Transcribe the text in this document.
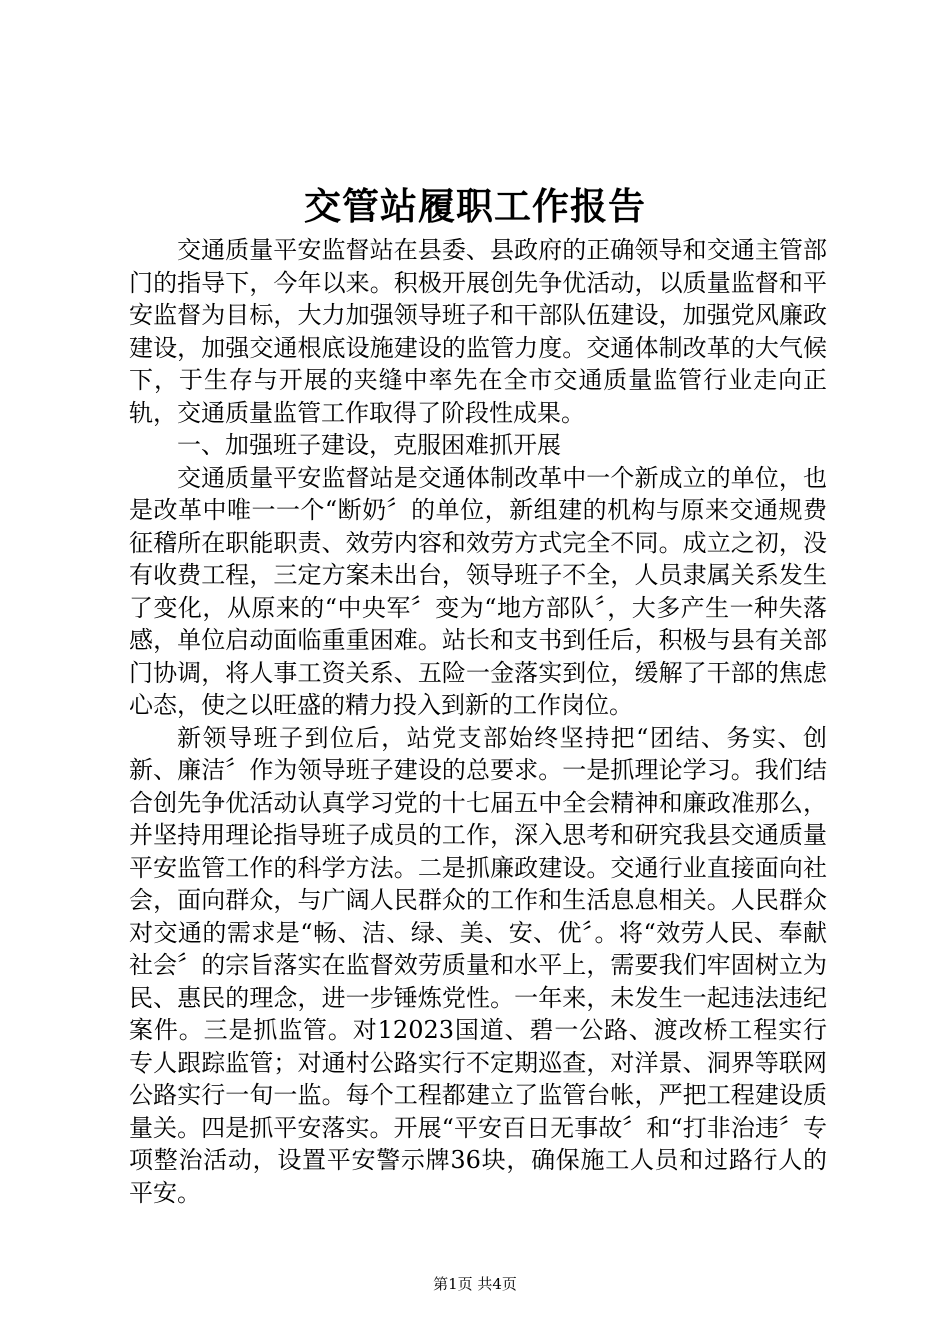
交管站履职工作报告

交通质量平安监督站在县委、县政府的正确领导和交通主管部门的指导下，今年以来。积极开展创先争优活动，以质量监督和平安监督为目标，大力加强领导班子和干部队伍建设，加强党风廉政建设，加强交通根底设施建设的监管力度。交通体制改革的大气候下，于生存与开展的夹缝中率先在全市交通质量监管行业走向正轨，交通质量监管工作取得了阶段性成果。

一、加强班子建设，克服困难抓开展

交通质量平安监督站是交通体制改革中一个新成立的单位，也是改革中唯一一个“断奶〞的单位，新组建的机构与原来交通规费征稽所在职能职责、效劳内容和效劳方式完全不同。成立之初，没有收费工程，三定方案未出台，领导班子不全，人员隶属关系发生了变化，从原来的“中央军〞变为“地方部队〞，大多产生一种失落感，单位启动面临重重困难。站长和支书到任后，积极与县有关部门协调，将人事工资关系、五险一金落实到位，缓解了干部的焦虑心态，使之以旺盛的精力投入到新的工作岗位。

新领导班子到位后，站党支部始终坚持把“团结、务实、创新、廉洁〞作为领导班子建设的总要求。一是抓理论学习。我们结合创先争优活动认真学习党的十七届五中全会精神和廉政准那么，并坚持用理论指导班子成员的工作，深入思考和研究我县交通质量平安监管工作的科学方法。二是抓廉政建设。交通行业直接面向社会，面向群众，与广阔人民群众的工作和生活息息相关。人民群众对交通的需求是“畅、洁、绿、美、安、优〞。将“效劳人民、奉献社会〞的宗旨落实在监督效劳质量和水平上，需要我们牢固树立为民、惠民的理念，进一步锤炼党性。一年来，未发生一起违法违纪案件。三是抓监管。对12023国道、碧一公路、渡改桥工程实行专人跟踪监管；对通村公路实行不定期巡查，对洋景、洞界等联网公路实行一旬一监。每个工程都建立了监管台帐，严把工程建设质量关。四是抓平安落实。开展“平安百日无事故〞和“打非治违〞专项整治活动，设置平安警示牌36块，确保施工人员和过路行人的平安。

第1页 共4页
